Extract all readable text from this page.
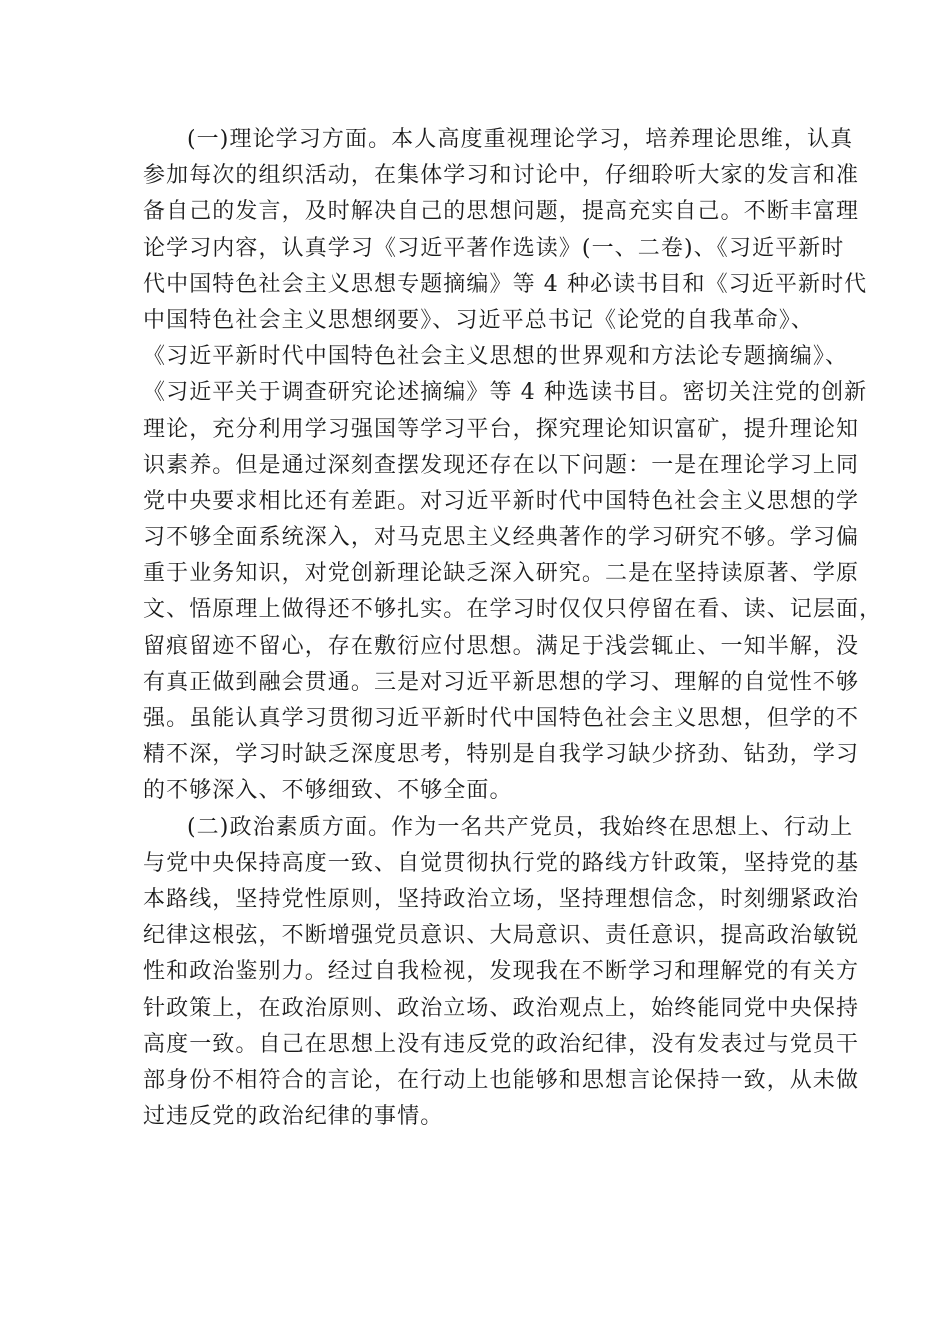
(一)理论学习方面。本人高度重视理论学习，培养理论思维，认真
参加每次的组织活动，在集体学习和讨论中，仔细聆听大家的发言和准
备自己的发言，及时解决自己的思想问题，提高充实自己。不断丰富理
论学习内容，认真学习《习近平著作选读》(一、二卷)、《习近平新时
代中国特色社会主义思想专题摘编》等 4 种必读书目和《习近平新时代
中国特色社会主义思想纲要》、习近平总书记《论党的自我革命》、
《习近平新时代中国特色社会主义思想的世界观和方法论专题摘编》、
《习近平关于调查研究论述摘编》等 4 种选读书目。密切关注党的创新
理论，充分利用学习强国等学习平台，探究理论知识富矿，提升理论知
识素养。但是通过深刻查摆发现还存在以下问题：一是在理论学习上同
党中央要求相比还有差距。对习近平新时代中国特色社会主义思想的学
习不够全面系统深入，对马克思主义经典著作的学习研究不够。学习偏
重于业务知识，对党创新理论缺乏深入研究。二是在坚持读原著、学原
文、悟原理上做得还不够扎实。在学习时仅仅只停留在看、读、记层面，
留痕留迹不留心，存在敷衍应付思想。满足于浅尝辄止、一知半解，没
有真正做到融会贯通。三是对习近平新思想的学习、理解的自觉性不够
强。虽能认真学习贯彻习近平新时代中国特色社会主义思想，但学的不
精不深，学习时缺乏深度思考，特别是自我学习缺少挤劲、钻劲，学习
的不够深入、不够细致、不够全面。
(二)政治素质方面。作为一名共产党员，我始终在思想上、行动上
与党中央保持高度一致、自觉贯彻执行党的路线方针政策，坚持党的基
本路线，坚持党性原则，坚持政治立场，坚持理想信念，时刻绷紧政治
纪律这根弦，不断增强党员意识、大局意识、责任意识，提高政治敏锐
性和政治鉴别力。经过自我检视，发现我在不断学习和理解党的有关方
针政策上，在政治原则、政治立场、政治观点上，始终能同党中央保持
高度一致。自己在思想上没有违反党的政治纪律，没有发表过与党员干
部身份不相符合的言论，在行动上也能够和思想言论保持一致，从未做
过违反党的政治纪律的事情。
